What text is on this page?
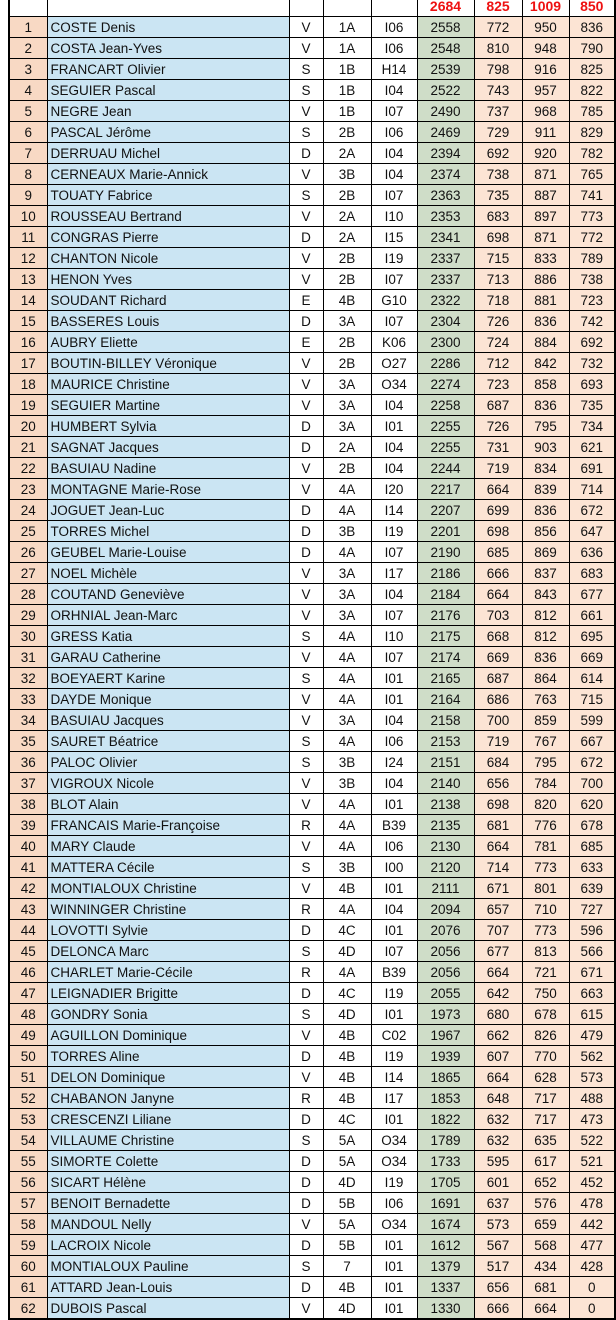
					2684	825	1009	850
1	COSTE Denis	V	1A	I06	2558	772	950	836
2	COSTA Jean-Yves	V	1A	I06	2548	810	948	790
3	FRANCART Olivier	S	1B	H14	2539	798	916	825
4	SEGUIER Pascal	S	1B	I04	2522	743	957	822
5	NEGRE Jean	V	1B	I07	2490	737	968	785
6	PASCAL Jérôme	S	2B	I06	2469	729	911	829
7	DERRUAU Michel	D	2A	I04	2394	692	920	782
8	CERNEAUX Marie-Annick	V	3B	I04	2374	738	871	765
9	TOUATY Fabrice	S	2B	I07	2363	735	887	741
10	ROUSSEAU Bertrand	V	2A	I10	2353	683	897	773
11	CONGRAS Pierre	D	2A	I15	2341	698	871	772
12	CHANTON Nicole	V	2B	I19	2337	715	833	789
13	HENON Yves	V	2B	I07	2337	713	886	738
14	SOUDANT Richard	E	4B	G10	2322	718	881	723
15	BASSERES Louis	D	3A	I07	2304	726	836	742
16	AUBRY Eliette	E	2B	K06	2300	724	884	692
17	BOUTIN-BILLEY Véronique	V	2B	O27	2286	712	842	732
18	MAURICE Christine	V	3A	O34	2274	723	858	693
19	SEGUIER Martine	V	3A	I04	2258	687	836	735
20	HUMBERT Sylvia	D	3A	I01	2255	726	795	734
21	SAGNAT Jacques	D	2A	I04	2255	731	903	621
22	BASUIAU Nadine	V	2B	I04	2244	719	834	691
23	MONTAGNE Marie-Rose	V	4A	I20	2217	664	839	714
24	JOGUET Jean-Luc	D	4A	I14	2207	699	836	672
25	TORRES Michel	D	3B	I19	2201	698	856	647
26	GEUBEL Marie-Louise	D	4A	I07	2190	685	869	636
27	NOEL Michèle	V	3A	I17	2186	666	837	683
28	COUTAND Geneviève	V	3A	I04	2184	664	843	677
29	ORHNIAL Jean-Marc	V	3A	I07	2176	703	812	661
30	GRESS Katia	S	4A	I10	2175	668	812	695
31	GARAU Catherine	V	4A	I07	2174	669	836	669
32	BOEYAERT Karine	S	4A	I01	2165	687	864	614
33	DAYDE Monique	V	4A	I01	2164	686	763	715
34	BASUIAU Jacques	V	3A	I04	2158	700	859	599
35	SAURET Béatrice	S	4A	I06	2153	719	767	667
36	PALOC Olivier	S	3B	I24	2151	684	795	672
37	VIGROUX Nicole	V	3B	I04	2140	656	784	700
38	BLOT Alain	V	4A	I01	2138	698	820	620
39	FRANCAIS Marie-Françoise	R	4A	B39	2135	681	776	678
40	MARY Claude	V	4A	I06	2130	664	781	685
41	MATTERA Cécile	S	3B	I00	2120	714	773	633
42	MONTIALOUX Christine	V	4B	I01	2111	671	801	639
43	WINNINGER Christine	R	4A	I04	2094	657	710	727
44	LOVOTTI Sylvie	D	4C	I01	2076	707	773	596
45	DELONCA Marc	S	4D	I07	2056	677	813	566
46	CHARLET Marie-Cécile	R	4A	B39	2056	664	721	671
47	LEIGNADIER Brigitte	D	4C	I19	2055	642	750	663
48	GONDRY Sonia	S	4D	I01	1973	680	678	615
49	AGUILLON Dominique	V	4B	C02	1967	662	826	479
50	TORRES Aline	D	4B	I19	1939	607	770	562
51	DELON Dominique	V	4B	I14	1865	664	628	573
52	CHABANON Janyne	R	4B	I17	1853	648	717	488
53	CRESCENZI Liliane	D	4C	I01	1822	632	717	473
54	VILLAUME Christine	S	5A	O34	1789	632	635	522
55	SIMORTE Colette	D	5A	O34	1733	595	617	521
56	SICART Hélène	D	4D	I19	1705	601	652	452
57	BENOIT Bernadette	D	5B	I06	1691	637	576	478
58	MANDOUL Nelly	V	5A	O34	1674	573	659	442
59	LACROIX Nicole	D	5B	I01	1612	567	568	477
60	MONTIALOUX Pauline	S	7	I01	1379	517	434	428
61	ATTARD Jean-Louis	D	4B	I01	1337	656	681	0
62	DUBOIS Pascal	V	4D	I01	1330	666	664	0
